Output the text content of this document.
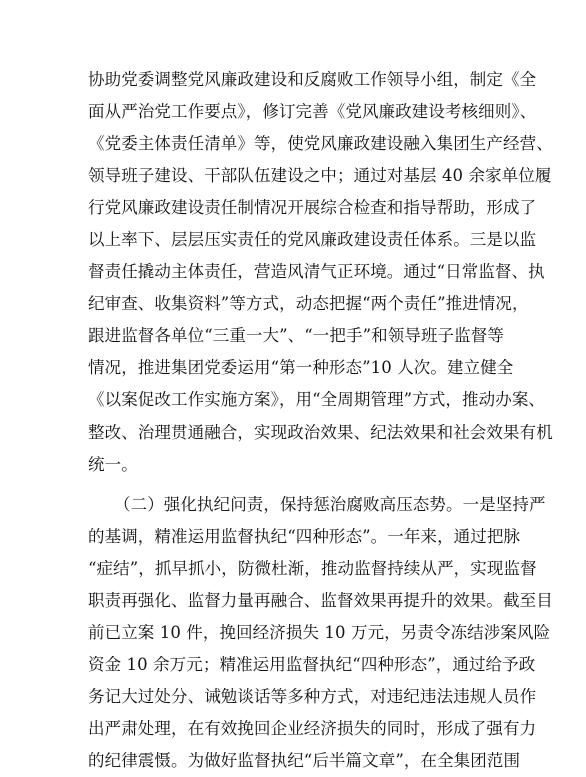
协助党委调整党风廉政建设和反腐败工作领导小组，制定《全
面从严治党工作要点》，修订完善《党风廉政建设考核细则》、
《党委主体责任清单》等，使党风廉政建设融入集团生产经营、
领导班子建设、干部队伍建设之中；通过对基层 40 余家单位履
行党风廉政建设责任制情况开展综合检查和指导帮助，形成了
以上率下、层层压实责任的党风廉政建设责任体系。三是以监
督责任撬动主体责任，营造风清气正环境。通过“日常监督、执
纪审查、收集资料”等方式，动态把握“两个责任”推进情况，
跟进监督各单位“三重一大”、“一把手”和领导班子监督等
情况，推进集团党委运用“第一种形态”10 人次。建立健全
《以案促改工作实施方案》，用“全周期管理”方式，推动办案、
整改、治理贯通融合，实现政治效果、纪法效果和社会效果有机
统一。
（二）强化执纪问责，保持惩治腐败高压态势。一是坚持严
的基调，精准运用监督执纪“四种形态”。一年来，通过把脉
“症结”，抓早抓小，防微杜渐，推动监督持续从严，实现监督
职责再强化、监督力量再融合、监督效果再提升的效果。截至目
前已立案 10 件，挽回经济损失 10 万元，另责令冻结涉案风险
资金 10 余万元；精准运用监督执纪“四种形态”，通过给予政
务记大过处分、诫勉谈话等多种方式，对违纪违法违规人员作
出严肃处理，在有效挽回企业经济损失的同时，形成了强有力
的纪律震慑。为做好监督执纪“后半篇文章”，在全集团范围
